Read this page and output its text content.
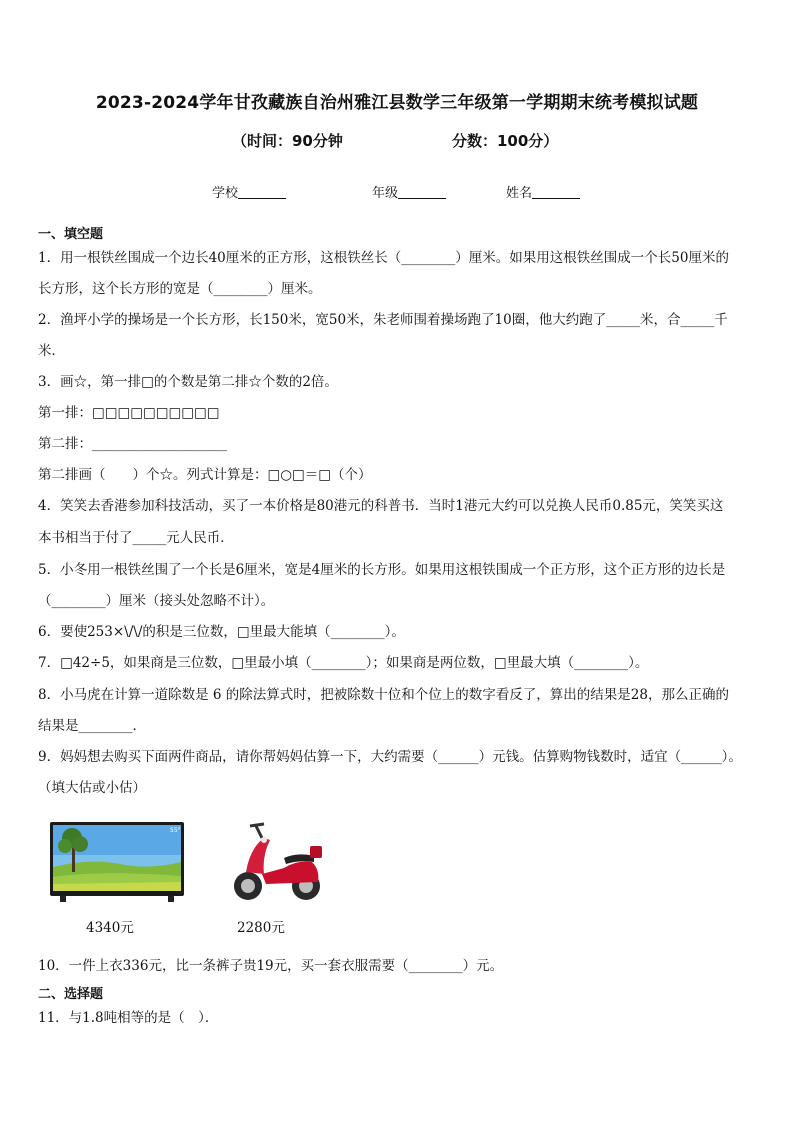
2023-2024学年甘孜藏族自治州雅江县数学三年级第一学期期末统考模拟试题
（时间：90分钟	分数：100分）
学校	年级	姓名
一、填空题
1．用一根铁丝围成一个边长40厘米的正方形，这根铁丝长（________）厘米。如果用这根铁丝围成一个长50厘米的
长方形，这个长方形的宽是（________）厘米。
2．渔坪小学的操场是一个长方形，长150米，宽50米，朱老师围着操场跑了10圈，他大约跑了_____米，合_____千
米．
3．画☆，第一排□的个数是第二排☆个数的2倍。
第一排：□□□□□□□□□□
第二排：____________________
第二排画（　　）个☆。列式计算是：□○□＝□（个）
4．笑笑去香港参加科技活动，买了一本价格是80港元的科普书．当时1港元大约可以兑换人民币0.85元，笑笑买这
本书相当于付了_____元人民币．
5．小冬用一根铁丝围了一个长是6厘米，宽是4厘米的长方形。如果用这根铁围成一个正方形，这个正方形的边长是
（________）厘米（接头处忽略不计）。
6．要使253×\/\/的积是三位数，□里最大能填（________）。
7．□42÷5，如果商是三位数，□里最小填（________）；如果商是两位数，□里最大填（________）。
8．小马虎在计算一道除数是 6 的除法算式时，把被除数十位和个位上的数字看反了，算出的结果是28，那么正确的
结果是________．
9．妈妈想去购买下面两件商品，请你帮妈妈估算一下，大约需要（______）元钱。估算购物钱数时，适宜（______）。
（填大估或小估）
55"
4340元	2280元
10．一件上衣336元，比一条裤子贵19元，买一套衣服需要（________）元。
二、选择题
11．与1.8吨相等的是（　）．
